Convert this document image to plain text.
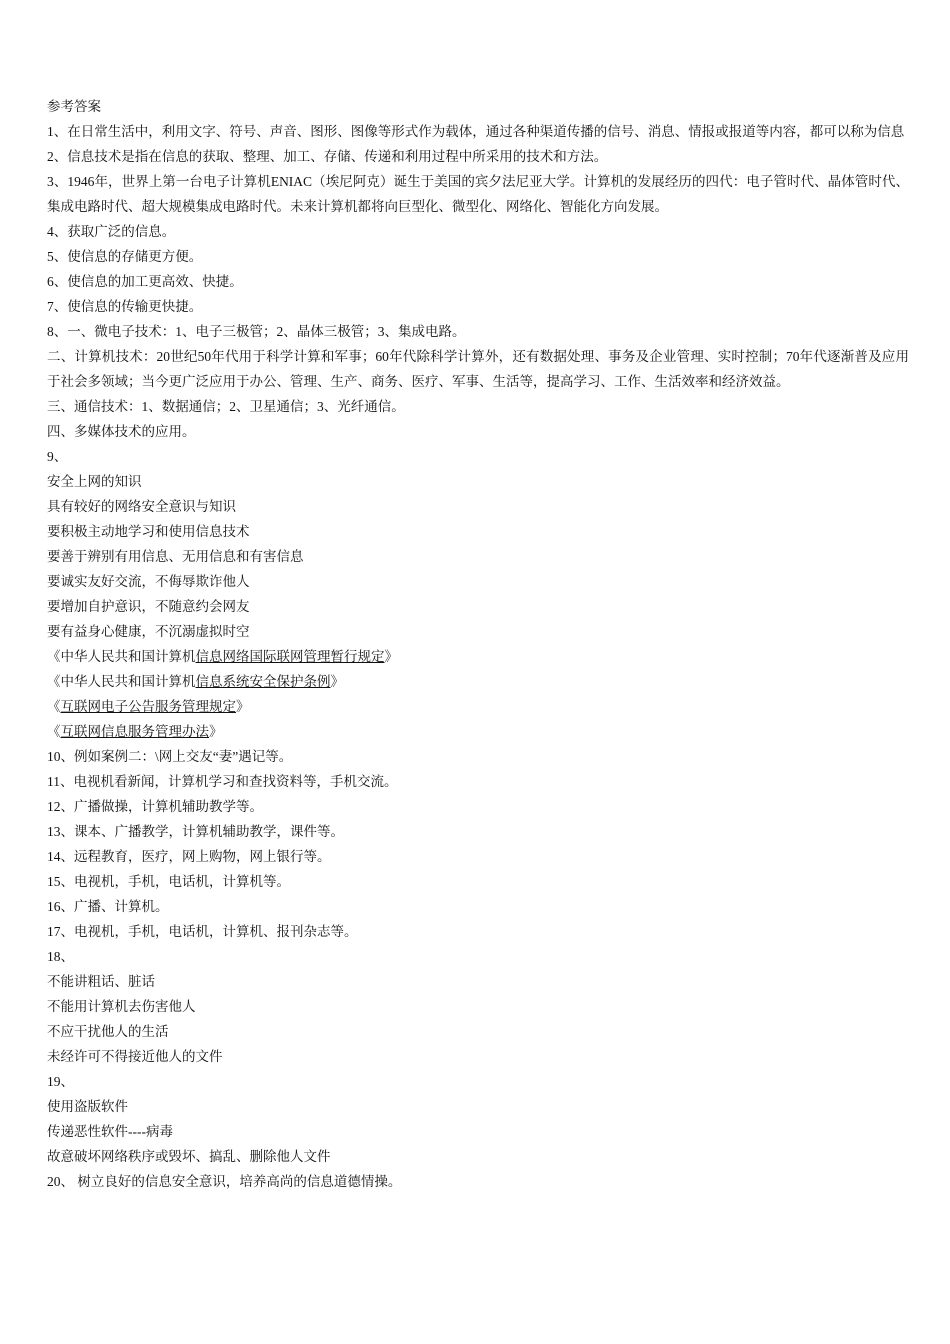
参考答案
1、在日常生活中，利用文字、符号、声音、图形、图像等形式作为载体，通过各种渠道传播的信号、消息、情报或报道等内容，都可以称为信息
2、信息技术是指在信息的获取、整理、加工、存储、传递和利用过程中所采用的技术和方法。
3、1946年，世界上第一台电子计算机ENIAC（埃尼阿克）诞生于美国的宾夕法尼亚大学。计算机的发展经历的四代：电子管时代、晶体管时代、集成电路时代、超大规模集成电路时代。未来计算机都将向巨型化、微型化、网络化、智能化方向发展。
4、获取广泛的信息。
5、使信息的存储更方便。
6、使信息的加工更高效、快捷。
7、使信息的传输更快捷。
8、一、微电子技术：1、电子三极管；2、晶体三极管；3、集成电路。
二、计算机技术：20世纪50年代用于科学计算和军事；60年代除科学计算外，还有数据处理、事务及企业管理、实时控制；70年代逐渐普及应用于社会多领域；当今更广泛应用于办公、管理、生产、商务、医疗、军事、生活等，提高学习、工作、生活效率和经济效益。
三、通信技术：1、数据通信；2、卫星通信；3、光纤通信。
四、多媒体技术的应用。
9、
安全上网的知识
具有较好的网络安全意识与知识
要积极主动地学习和使用信息技术
要善于辨别有用信息、无用信息和有害信息
要诚实友好交流，不侮辱欺诈他人
要增加自护意识，不随意约会网友
要有益身心健康，不沉溺虚拟时空
《中华人民共和国计算机信息网络国际联网管理暂行规定》
《中华人民共和国计算机信息系统安全保护条例》
《互联网电子公告服务管理规定》
《互联网信息服务管理办法》
10、例如案例二：\网上交友“妻”遇记等。
11、电视机看新闻，计算机学习和查找资料等，手机交流。
12、广播做操，计算机辅助教学等。
13、课本、广播教学，计算机辅助教学，课件等。
14、远程教育，医疗，网上购物，网上银行等。
15、电视机，手机，电话机，计算机等。
16、广播、计算机。
17、电视机，手机，电话机，计算机、报刊杂志等。
18、
不能讲粗话、脏话
不能用计算机去伤害他人
不应干扰他人的生活
未经许可不得接近他人的文件
19、
使用盗版软件
传递恶性软件----病毒
故意破坏网络秩序或毁坏、搞乱、删除他人文件
20、 树立良好的信息安全意识，培养高尚的信息道德情操。
